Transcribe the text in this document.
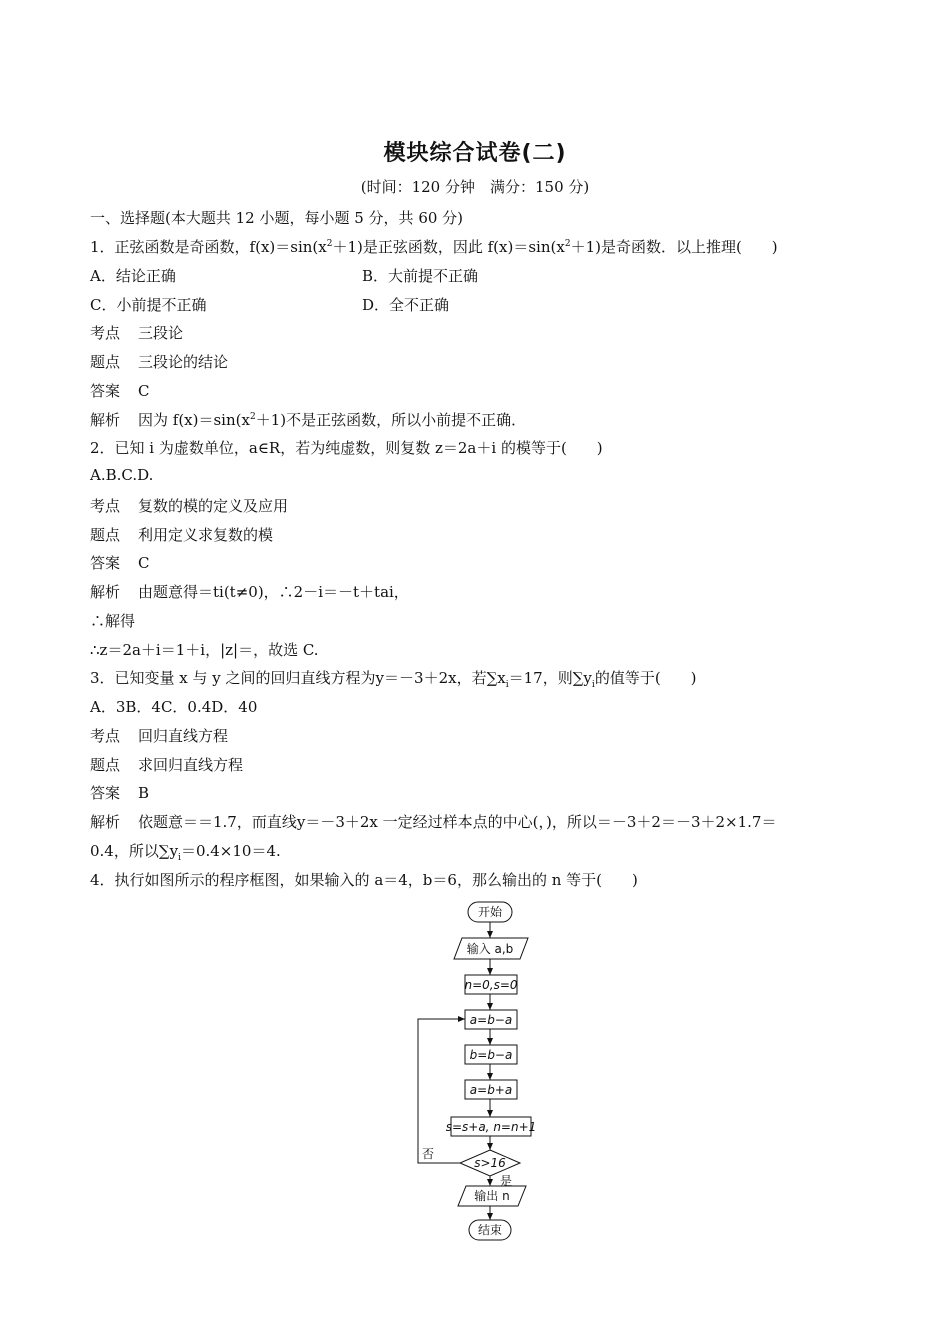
模块综合试卷(二)
(时间：120 分钟　满分：150 分)
一、选择题(本大题共 12 小题，每小题 5 分，共 60 分)
1．正弦函数是奇函数，$f(x)=\sin(x^2+1)$是正弦函数，因此 $f(x)=\sin(x^2+1)$是奇函数．以上推理(　　)
A．结论正确	B．大前提不正确
C．小前提不正确	D．全不正确
考点 三段论
题点 三段论的结论
答案 C
解析 因为 $f(x)=\sin(x^2+1)$不是正弦函数，所以小前提不正确．
2．已知 i 为虚数单位，a∈R，若为纯虚数，则复数 z＝2a＋i 的模等于(　　)
A.B.C.D.
考点 复数的模的定义及应用
题点 利用定义求复数的模
答案 C
解析 由题意得＝ti(t≠0)，∴2－i＝－t＋tai，
∴解得
∴z＝2a＋i＝1＋i，|z|＝，故选 C.
3．已知变量 x 与 y 之间的回归直线方程为y＝－3＋2x，若$\sum x_i=17$，则$\sum y_i$的值等于(　　)
A．3B．4C．0.4D．40
考点 回归直线方程
题点 求回归直线方程
答案 B
解析 依题意＝＝1.7，而直线y＝－3＋2x 一定经过样本点的中心(，)，所以＝－3＋2＝－3＋2×1.7＝
0.4，所以$\sum y_i=0.4\times 10=4$.
4．执行如图所示的程序框图，如果输入的 a＝4，b＝6，那么输出的 n 等于(　　)
开始
输入 a,b
n=0,s=0
a=b−a
b=b−a
a=b+a
s=s+a, n=n+1
s>16
是
否
输出 n
结束
